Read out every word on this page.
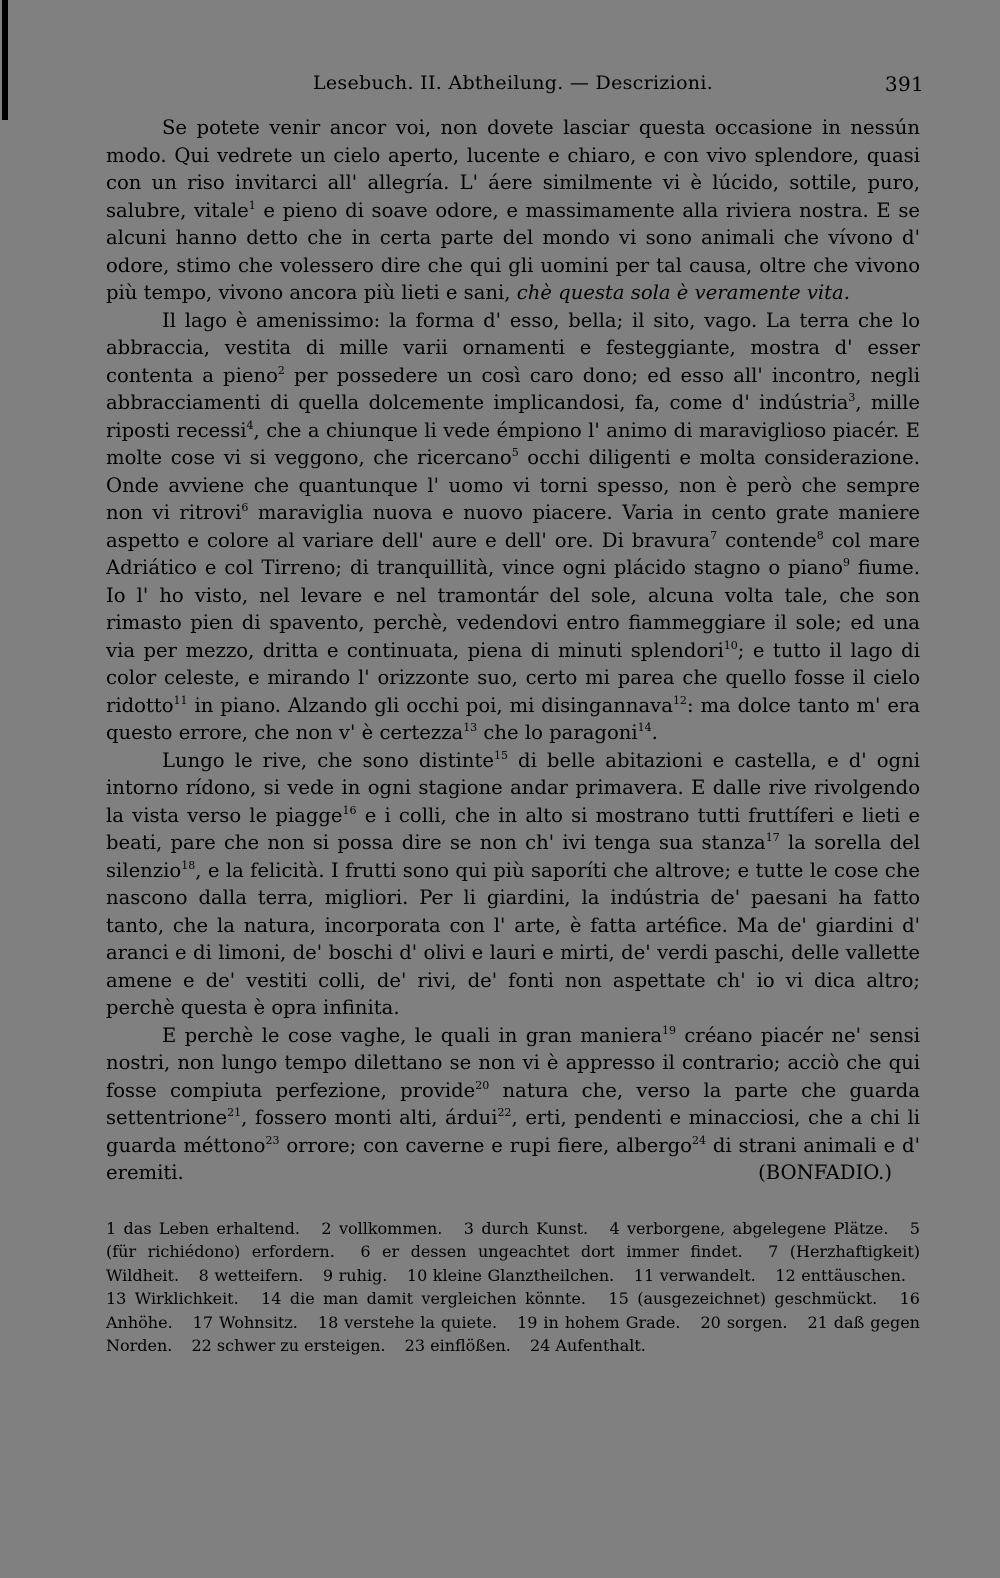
Lesebuch. II. Abtheilung. — Descrizioni.	391

Se potete venir ancor voi, non dovete lasciar questa occasione in nessún modo. Qui vedrete un cielo aperto, lucente e chiaro, e con vivo splendore, quasi con un riso invitarci all' allegría. L' áere similmente vi è lúcido, sottile, puro, salubre, vitale$^1$ e pieno di soave odore, e massimamente alla riviera nostra. E se alcuni hanno detto che in certa parte del mondo vi sono animali che vívono d' odore, stimo che volessero dire che qui gli uomini per tal causa, oltre che vivono più tempo, vivono ancora più lieti e sani, chè questa sola è veramente vita.

Il lago è amenissimo: la forma d' esso, bella; il sito, vago. La terra che lo abbraccia, vestita di mille varii ornamenti e festeggiante, mostra d' esser contenta a pieno$^2$ per possedere un così caro dono; ed esso all' incontro, negli abbracciamenti di quella dolcemente implicandosi, fa, come d' indústria$^3$, mille riposti recessi$^4$, che a chiunque li vede émpiono l' animo di maraviglioso piacér. E molte cose vi si veggono, che ricercano$^5$ occhi diligenti e molta considerazione. Onde avviene che quantunque l' uomo vi torni spesso, non è però che sempre non vi ritrovi$^6$ maraviglia nuova e nuovo piacere. Varia in cento grate maniere aspetto e colore al variare dell' aure e dell' ore. Di bravura$^7$ contende$^8$ col mare Adriático e col Tirreno; di tranquillità, vince ogni plácido stagno o piano$^9$ fiume. Io l' ho visto, nel levare e nel tramontár del sole, alcuna volta tale, che son rimasto pien di spavento, perchè, vedendovi entro fiammeggiare il sole; ed una via per mezzo, dritta e continuata, piena di minuti splendori$^{10}$; e tutto il lago di color celeste, e mirando l' orizzonte suo, certo mi parea che quello fosse il cielo ridotto$^{11}$ in piano. Alzando gli occhi poi, mi disingannava$^{12}$: ma dolce tanto m' era questo errore, che non v' è certezza$^{13}$ che lo paragoni$^{14}$.

Lungo le rive, che sono distinte$^{15}$ di belle abitazioni e castella, e d' ogni intorno rídono, si vede in ogni stagione andar primavera. E dalle rive rivolgendo la vista verso le piagge$^{16}$ e i colli, che in alto si mostrano tutti fruttíferi e lieti e beati, pare che non si possa dire se non ch' ivi tenga sua stanza$^{17}$ la sorella del silenzio$^{18}$, e la felicità. I frutti sono qui più saporíti che altrove; e tutte le cose che nascono dalla terra, migliori. Per li giardini, la indústria de' paesani ha fatto tanto, che la natura, incorporata con l' arte, è fatta artéfice. Ma de' giardini d' aranci e di limoni, de' boschi d' olivi e lauri e mirti, de' verdi paschi, delle vallette amene e de' vestiti colli, de' rivi, de' fonti non aspettate ch' io vi dica altro; perchè questa è opra infinita.

E perchè le cose vaghe, le quali in gran maniera$^{19}$ créano piacér ne' sensi nostri, non lungo tempo dilettano se non vi è appresso il contrario; acciò che qui fosse compiuta perfezione, provide$^{20}$ natura che, verso la parte che guarda settentrione$^{21}$, fossero monti alti, árdui$^{22}$, erti, pendenti e minacciosi, che a chi li guarda méttono$^{23}$ orrore; con caverne e rupi fiere, albergo$^{24}$ di strani animali e d' eremiti.	(BONFADIO.)

1 das Leben erhaltend. 2 vollkommen. 3 durch Kunst. 4 verborgene, abgelegene Plätze. 5 (für richiédono) erfordern. 6 er dessen ungeachtet dort immer findet. 7 (Herzhaftigkeit) Wildheit. 8 wetteifern. 9 ruhig. 10 kleine Glanztheilchen. 11 verwandelt. 12 enttäuschen. 13 Wirklichkeit. 14 die man damit vergleichen könnte. 15 (ausgezeichnet) geschmückt. 16 Anhöhe. 17 Wohnsitz. 18 verstehe la quiete. 19 in hohem Grade. 20 sorgen. 21 daß gegen Norden. 22 schwer zu ersteigen. 23 einflößen. 24 Aufenthalt.
